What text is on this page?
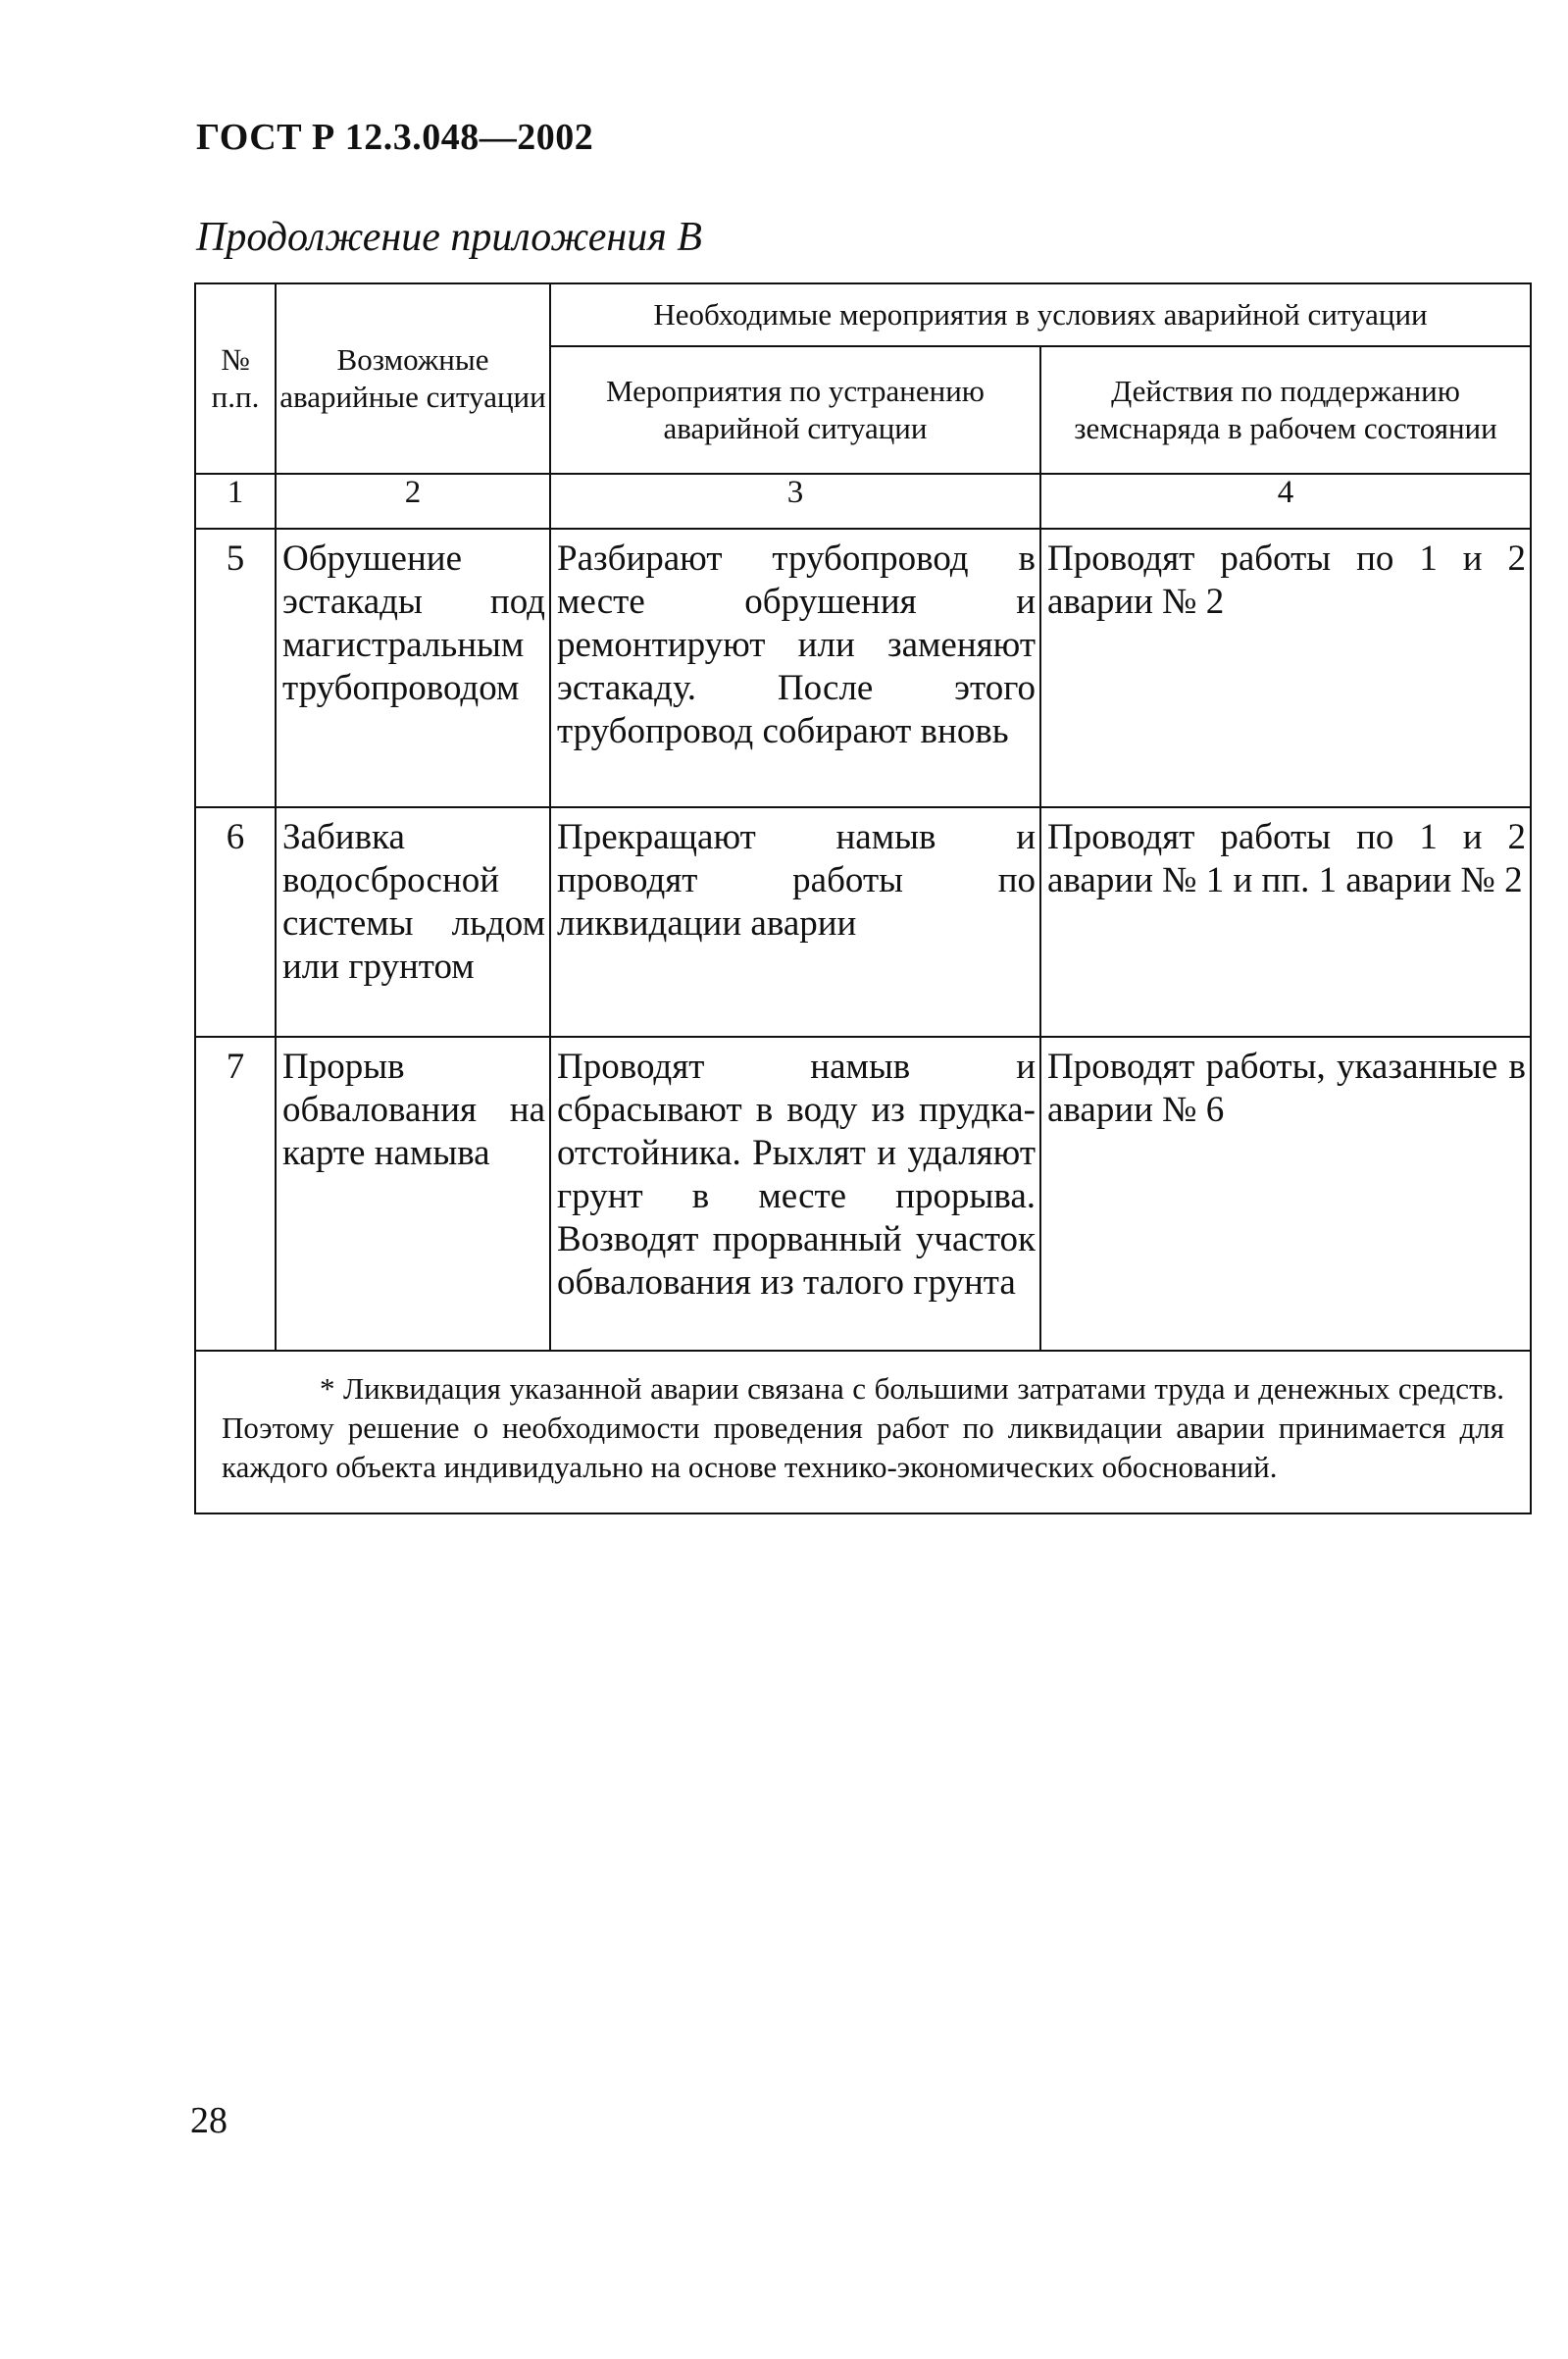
ГОСТ Р 12.3.048—2002
Продолжение приложения В
№ п.п.	Возможные аварийные ситуации	Необходимые мероприятия в условиях аварийной ситуации	
		Мероприятия по устранению аварийной ситуации	Действия по поддержанию земснаряда в рабочем состоянии
1	2	3	4
5	Обрушение эстакады под магистральным трубопроводом	Разбирают трубопровод в месте обрушения и ремонтируют или заменяют эстакаду. После этого трубопровод собирают вновь	Проводят работы по 1 и 2 аварии № 2
6	Забивка водосбросной системы льдом или грунтом	Прекращают намыв и проводят работы по ликвидации аварии	Проводят работы по 1 и 2 аварии № 1 и пп. 1 аварии № 2
7	Прорыв обвалования на карте намыва	Проводят намыв и сбрасывают в воду из прудка-отстойника. Рыхлят и удаляют грунт в месте прорыва. Возводят прорванный участок обвалования из талого грунта	Проводят работы, указанные в аварии № 6
* Ликвидация указанной аварии связана с большими затратами труда и денежных средств. Поэтому решение о необходимости проведения работ по ликвидации аварии принимается для каждого объекта индивидуально на основе технико-экономических обоснований.			
28
